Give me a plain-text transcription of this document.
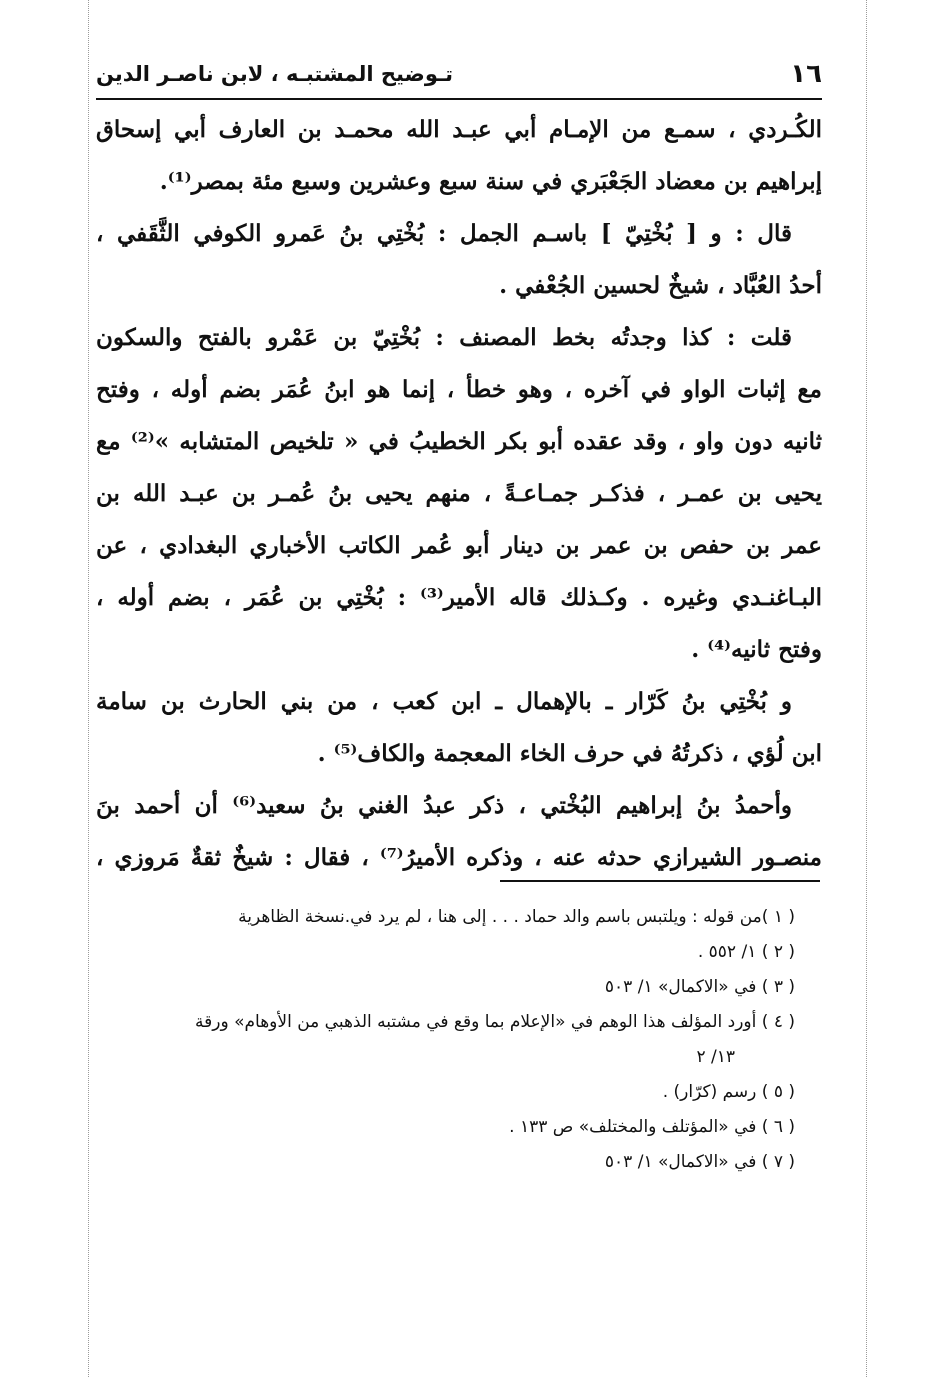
١٦
تـوضيح المشتبـه ، لابن ناصـر الدين
الكُـردي ، سمـع من الإمـام أبي عبـد الله محمـد بن العارف أبي إسحاق
إبراهيم بن معضاد الجَعْبَري في سنة سبع وعشرين وسبع مئة بمصر⁽¹⁾.
قال : و [ بُخْتِيّ ] باسـم الجمل : بُخْتِي بنُ عَمرو الكوفي الثَّقَفي ،
أحدُ العُبَّاد ، شيخٌ لحسين الجُعْفي .
قلت : كذا وجدتُه بخط المصنف : بُخْتِيّ بن عَمْرو بالفتح والسكون
مع إثبات الواو في آخره ، وهو خطأ ، إنما هو ابنُ عُمَر بضم أوله ، وفتح
ثانيه دون واو ، وقد عقده أبو بكر الخطيبُ في « تلخيص المتشابه »⁽²⁾ مع
يحيى بن عمـر ، فذكـر جمـاعـةً ، منهم يحيى بنُ عُمـر بن عبـد الله بن
عمر بن حفص بن عمر بن دينار أبو عُمر الكاتب الأخباري البغدادي ، عن
البـاغنـدي وغيره . وكـذلك قاله الأمير⁽³⁾ : بُخْتِي بن عُمَر ، بضم أوله ،
وفتح ثانيه⁽⁴⁾ .
و بُخْتِي بنُ كَرّار ـ بالإهمال ـ ابن كعب ، من بني الحارث بن سامة
ابن لُؤي ، ذكرتُهُ في حرف الخاء المعجمة والكاف⁽⁵⁾ .
وأحمدُ بنُ إبراهيم البُخْتي ، ذكر عبدُ الغني بنُ سعيد⁽⁶⁾ أن أحمد بنَ
منصـور الشيرازي حدثه عنه ، وذكره الأميرُ⁽⁷⁾ ، فقال : شيخٌ ثقةٌ مَروزي ،
( ١ )من قوله : ويلتبس باسم والد حماد . . . إلى هنا ، لم يرد في.نسخة الظاهرية
( ٢ ) ١/ ٥٥٢ .
( ٣ ) في «الاكمال» ١/ ٥٠٣
( ٤ ) أورد المؤلف هذا الوهم في «الإعلام بما وقع في مشتبه الذهبي من الأوهام» ورقة
١٣/ ٢
( ٥ ) رسم (كرّار) .
( ٦ ) في «المؤتلف والمختلف» ص ١٣٣ .
( ٧ ) في «الاكمال» ١/ ٥٠٣
